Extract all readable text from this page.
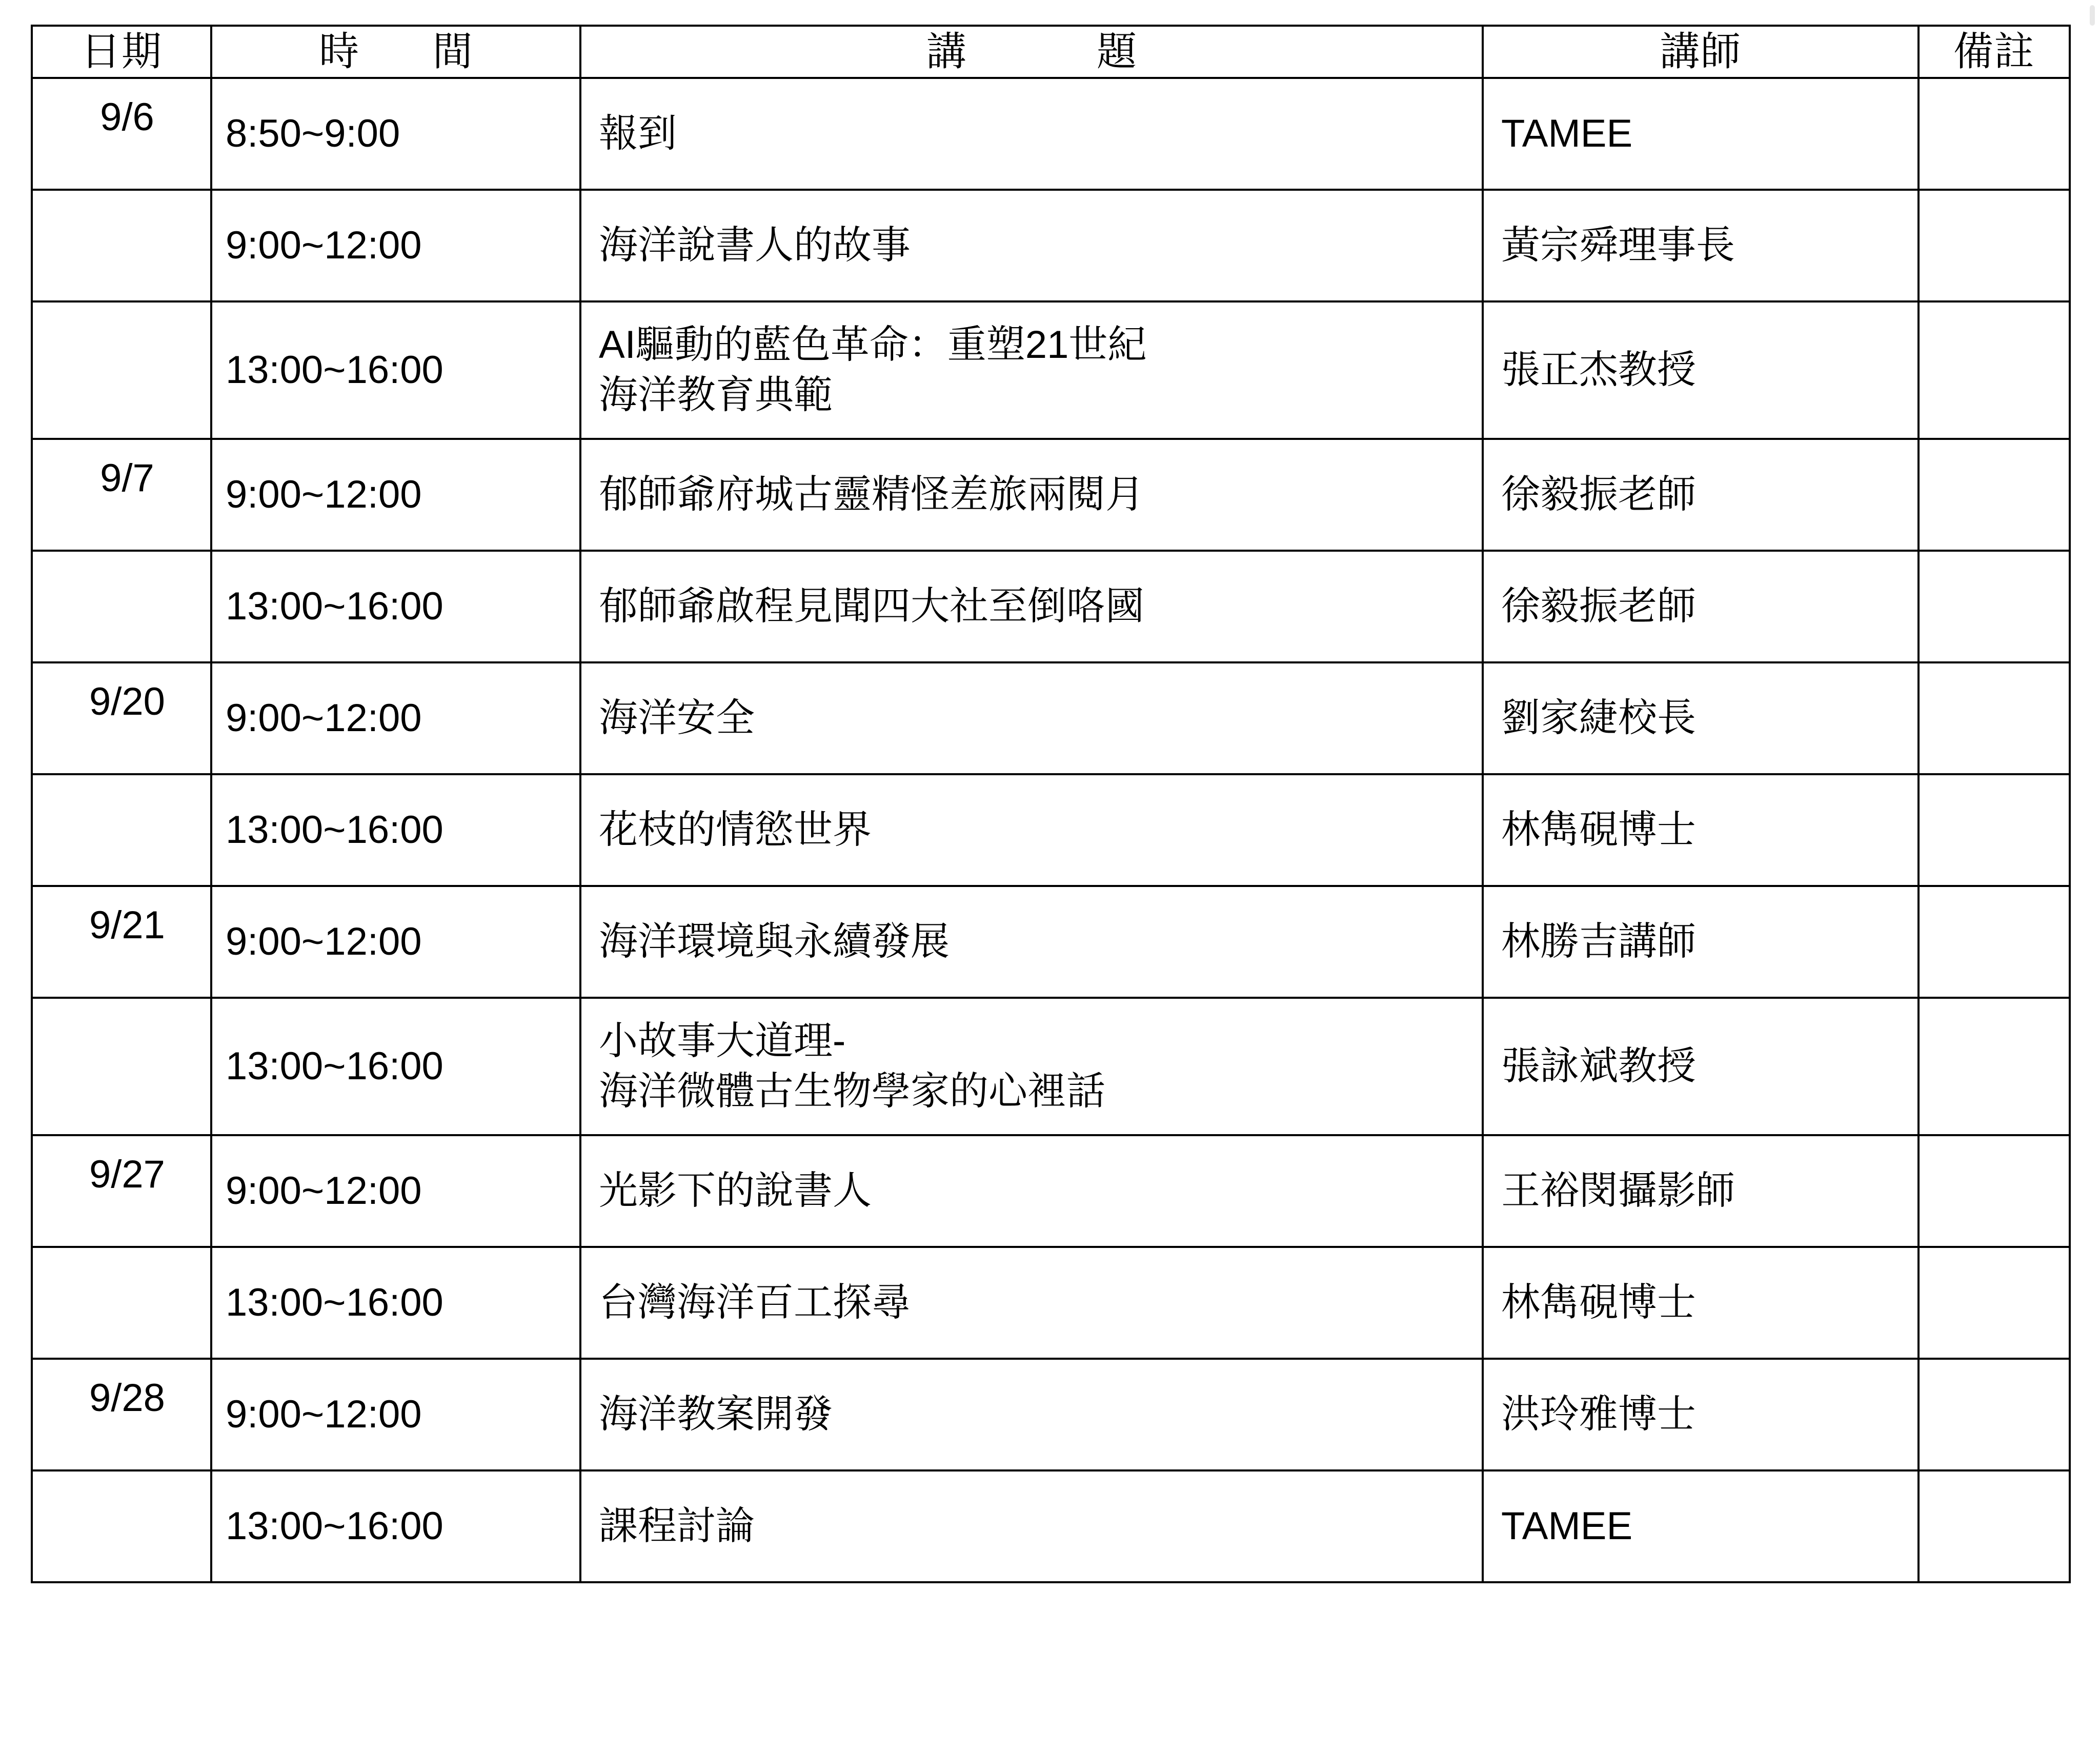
日期	時　間	講　　題	講師	備註

9/6	8:50~9:00	報到	TAMEE	

	9:00~12:00	海洋說書人的故事	黃宗舜理事長	

	13:00~16:00	AI驅動的藍色革命：重塑21世紀
海洋教育典範	張正杰教授	

9/7	9:00~12:00	郁師爺府城古靈精怪差旅兩閱月	徐毅振老師	

	13:00~16:00	郁師爺啟程見聞四大社至倒咯國	徐毅振老師	

9/20	9:00~12:00	海洋安全	劉家緁校長	

	13:00~16:00	花枝的情慾世界	林雋硯博士	

9/21	9:00~12:00	海洋環境與永續發展	林勝吉講師	

	13:00~16:00	小故事大道理-
海洋微體古生物學家的心裡話	張詠斌教授	

9/27	9:00~12:00	光影下的說書人	王裕閔攝影師	

	13:00~16:00	台灣海洋百工探尋	林雋硯博士	

9/28	9:00~12:00	海洋教案開發	洪玲雅博士	

	13:00~16:00	課程討論	TAMEE	
